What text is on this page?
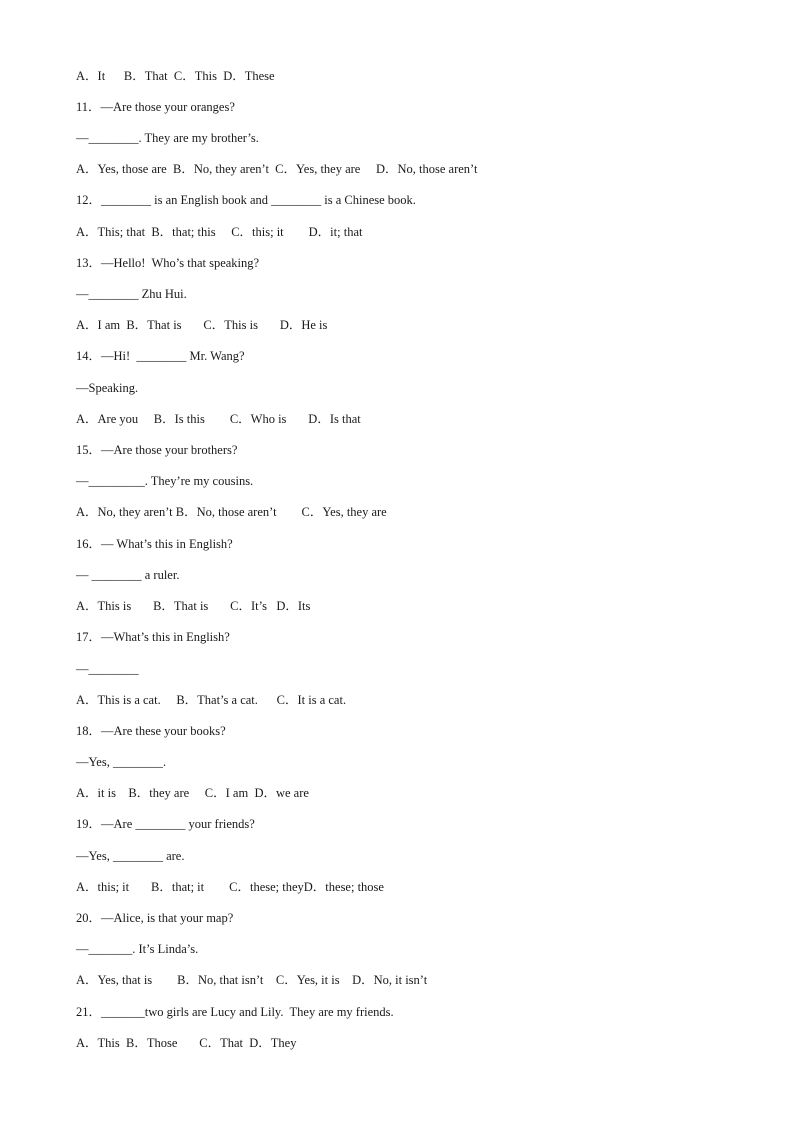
A．It      B．That  C．This  D．These
11．—Are those your oranges?
—________. They are my brother’s.
A．Yes, those are  B．No, they aren’t  C．Yes, they are     D．No, those aren’t
12．________ is an English book and ________ is a Chinese book.
A．This; that  B．that; this     C．this; it        D．it; that
13．—Hello!  Who’s that speaking?
—________ Zhu Hui.
A．I am  B．That is       C．This is       D．He is
14．—Hi!  ________ Mr. Wang?
—Speaking.
A．Are you     B．Is this        C．Who is       D．Is that
15．—Are those your brothers?
—_________. They’re my cousins.
A．No, they aren’t B．No, those aren’t        C．Yes, they are
16．— What’s this in English?
— ________ a ruler.
A．This is       B．That is       C．It’s   D．Its
17．—What’s this in English?
—________
A．This is a cat.     B．That’s a cat.      C．It is a cat.
18．—Are these your books?
—Yes, ________.
A．it is    B．they are     C．I am  D．we are
19．—Are ________ your friends?
—Yes, ________ are.
A．this; it       B．that; it        C．these; theyD．these; those
20．—Alice, is that your map?
—_______. It’s Linda’s.
A．Yes, that is        B．No, that isn’t    C．Yes, it is    D．No, it isn’t
21．_______two girls are Lucy and Lily.  They are my friends.
A．This  B．Those       C．That  D．They
